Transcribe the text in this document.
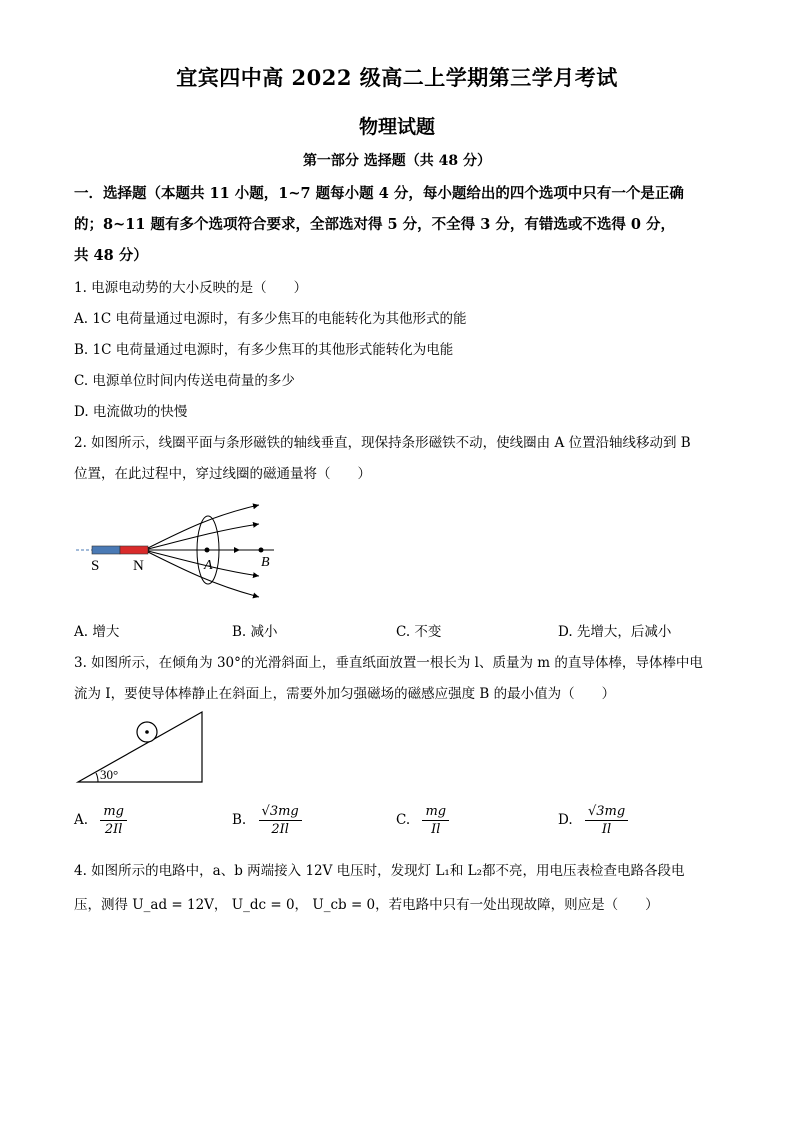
宜宾四中高 2022 级高二上学期第三学月考试
物理试题
第一部分 选择题（共 48 分）
一．选择题（本题共 11 小题，1~7 题每小题 4 分，每小题给出的四个选项中只有一个是正确
的；8~11 题有多个选项符合要求，全部选对得 5 分，不全得 3 分，有错选或不选得 0 分，
共 48 分）
1. 电源电动势的大小反映的是（　　）
A. 1C 电荷量通过电源时，有多少焦耳的电能转化为其他形式的能
B. 1C 电荷量通过电源时，有多少焦耳的其他形式能转化为电能
C. 电源单位时间内传送电荷量的多少
D. 电流做功的快慢
2. 如图所示，线圈平面与条形磁铁的轴线垂直，现保持条形磁铁不动，使线圈由 A 位置沿轴线移动到 B
位置，在此过程中，穿过线圈的磁通量将（　　）
S N	A	B
A. 增大	B. 减小	C. 不变	D. 先增大，后减小
3. 如图所示，在倾角为 30°的光滑斜面上，垂直纸面放置一根长为 l、质量为 m 的直导体棒，导体棒中电
流为 I，要使导体棒静止在斜面上，需要外加匀强磁场的磁感应强度 B 的最小值为（　　）
30°
A. $\frac{mg}{2Il}$	B. $\frac{√3mg}{2Il}$	C. $\frac{mg}{Il}$	D. $\frac{√3mg}{Il}$
4. 如图所示的电路中，a、b 两端接入 12V 电压时，发现灯 L₁和 L₂都不亮，用电压表检查电路各段电
压，测得 U_ad = 12V， U_dc = 0， U_cb = 0，若电路中只有一处出现故障，则应是（　　）
